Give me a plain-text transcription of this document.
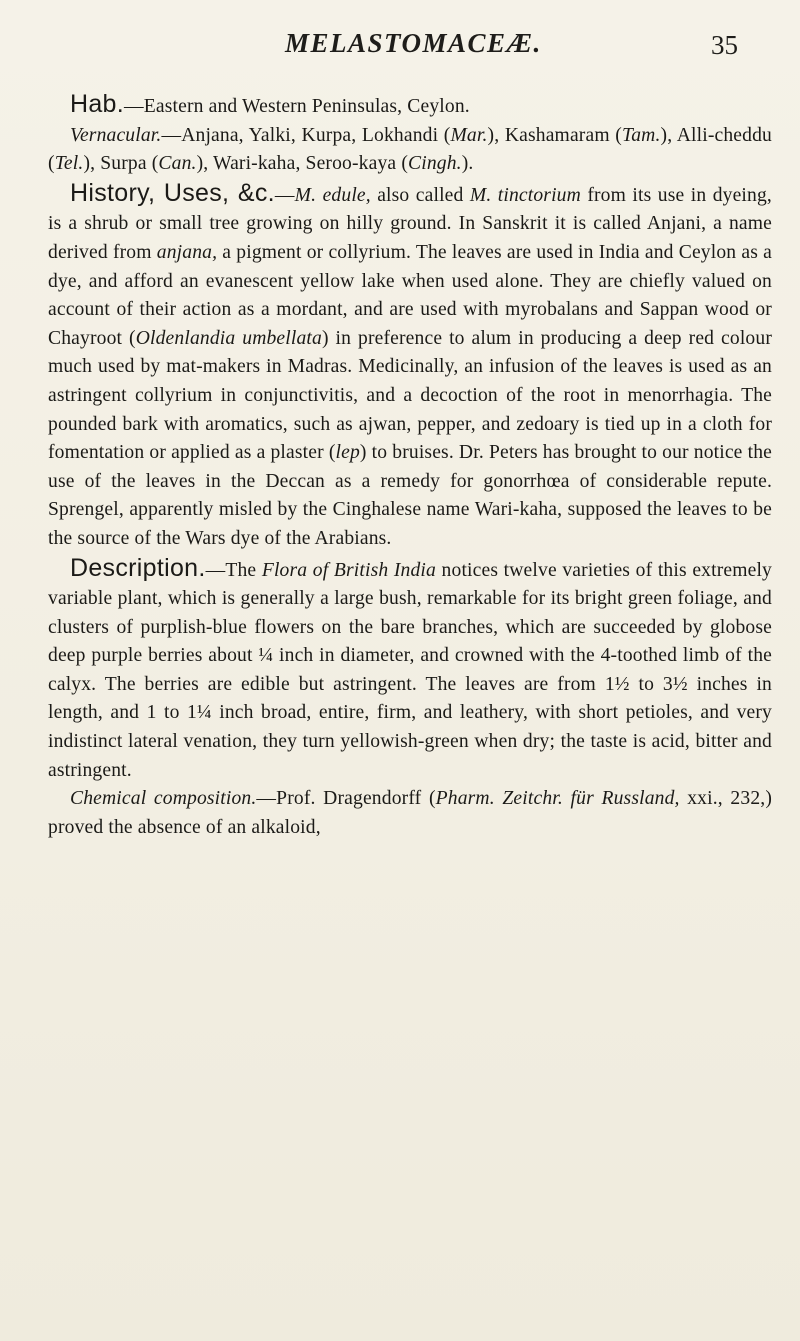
MELASTOMACEÆ.	35

Hab.—Eastern and Western Peninsulas, Ceylon.

Vernacular.—Anjana, Yalki, Kurpa, Lokhandi (Mar.), Kashamaram (Tam.), Alli-cheddu (Tel.), Surpa (Can.), Wari-kaha, Seroo-kaya (Cingh.).

History, Uses, &c.—M. edule, also called M. tinctorium from its use in dyeing, is a shrub or small tree growing on hilly ground. In Sanskrit it is called Anjani, a name derived from anjana, a pigment or collyrium. The leaves are used in India and Ceylon as a dye, and afford an evanescent yellow lake when used alone. They are chiefly valued on account of their action as a mordant, and are used with myrobalans and Sappan wood or Chayroot (Oldenlandia umbellata) in preference to alum in producing a deep red colour much used by mat-makers in Madras. Medicinally, an infusion of the leaves is used as an astringent collyrium in conjunctivitis, and a decoction of the root in menorrhagia. The pounded bark with aromatics, such as ajwan, pepper, and zedoary is tied up in a cloth for fomentation or applied as a plaster (lep) to bruises. Dr. Peters has brought to our notice the use of the leaves in the Deccan as a remedy for gonorrhœa of considerable repute. Sprengel, apparently misled by the Cinghalese name Wari-kaha, supposed the leaves to be the source of the Wars dye of the Arabians.

Description.—The Flora of British India notices twelve varieties of this extremely variable plant, which is generally a large bush, remarkable for its bright green foliage, and clusters of purplish-blue flowers on the bare branches, which are succeeded by globose deep purple berries about ¼ inch in diameter, and crowned with the 4-toothed limb of the calyx. The berries are edible but astringent. The leaves are from 1½ to 3½ inches in length, and 1 to 1¼ inch broad, entire, firm, and leathery, with short petioles, and very indistinct lateral venation, they turn yellowish-green when dry; the taste is acid, bitter and astringent.

Chemical composition.—Prof. Dragendorff (Pharm. Zeitchr. für Russland, xxi., 232,) proved the absence of an alkaloid,
